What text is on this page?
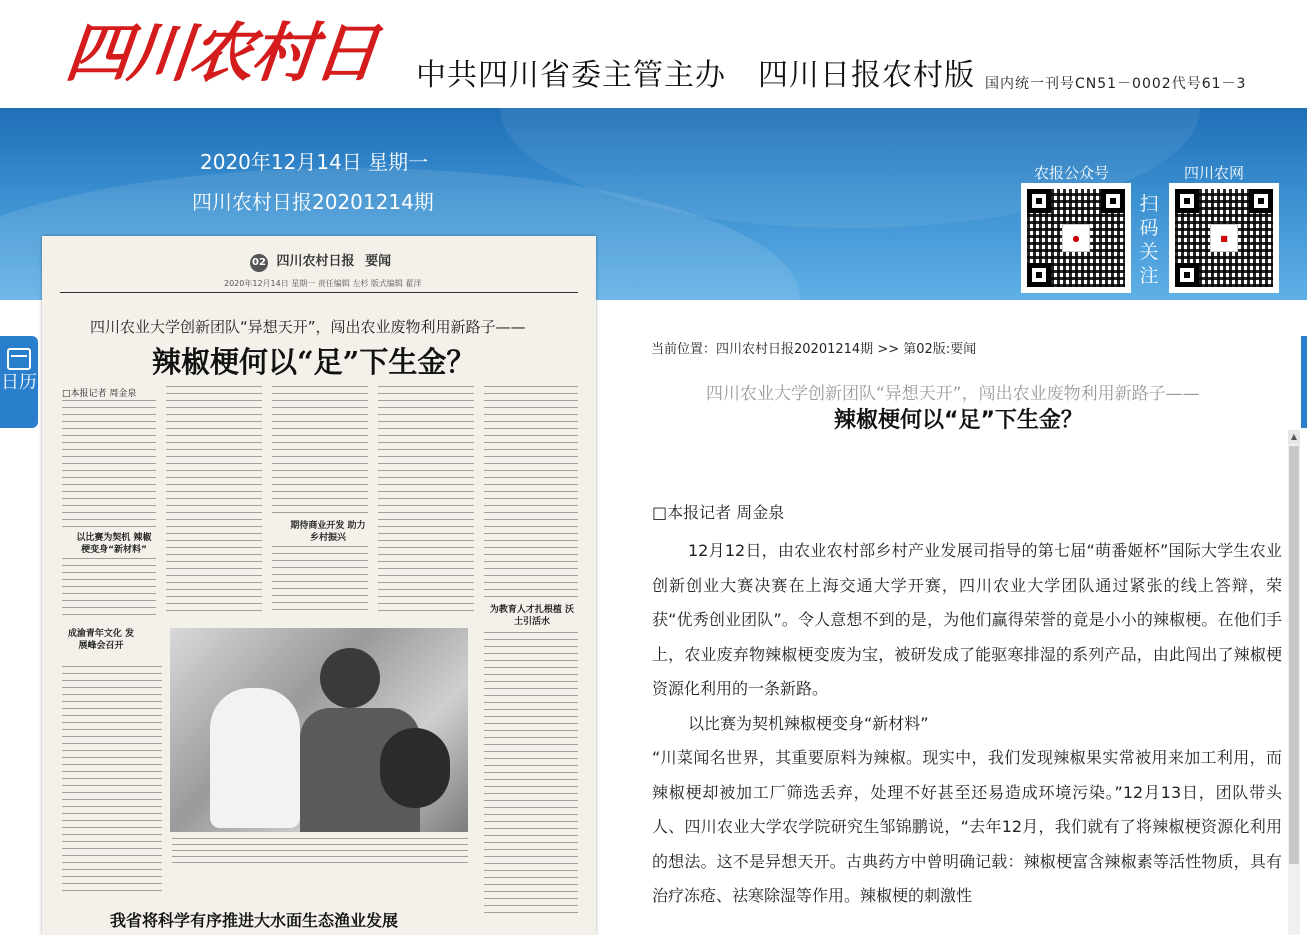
四川农村日报
中共四川省委主管主办 四川日报农村版 国内统一刊号CN51－0002代号61－3
2020年12月14日 星期一
四川农村日报20201214期
农报公众号
●
扫码关注
四川农网
■
日历
02 四川农村日报 要闻
2020年12月14日 星期一 责任编辑 左杉 版式编辑 翟洋
四川农业大学创新团队“异想天开”，闯出农业废物利用新路子——
辣椒梗何以“足”下生金？
□本报记者 周金泉
以比赛为契机 辣椒梗变身“新材料”
期待商业开发 助力乡村振兴
为教育人才扎根植 沃土引活水
成渝青年文化 发展峰会召开
我省将科学有序推进大水面生态渔业发展
当前位置：四川农村日报20201214期 >> 第02版:要闻
四川农业大学创新团队“异想天开”，闯出农业废物利用新路子——
辣椒梗何以“足”下生金？
□本报记者 周金泉

12月12日，由农业农村部乡村产业发展司指导的第七届“萌番姬杯”国际大学生农业创新创业大赛决赛在上海交通大学开赛，四川农业大学团队通过紧张的线上答辩，荣获“优秀创业团队”。令人意想不到的是，为他们赢得荣誉的竟是小小的辣椒梗。在他们手上，农业废弃物辣椒梗变废为宝，被研发成了能驱寒排湿的系列产品，由此闯出了辣椒梗资源化利用的一条新路。

以比赛为契机辣椒梗变身“新材料”

“川菜闻名世界，其重要原料为辣椒。现实中，我们发现辣椒果实常被用来加工利用，而辣椒梗却被加工厂筛选丢弃，处理不好甚至还易造成环境污染。”12月13日，团队带头人、四川农业大学农学院研究生邹锦鹏说，“去年12月，我们就有了将辣椒梗资源化利用的想法。这不是异想天开。古典药方中曾明确记载：辣椒梗富含辣椒素等活性物质，具有治疗冻疮、祛寒除湿等作用。辣椒梗的刺激性

▲
